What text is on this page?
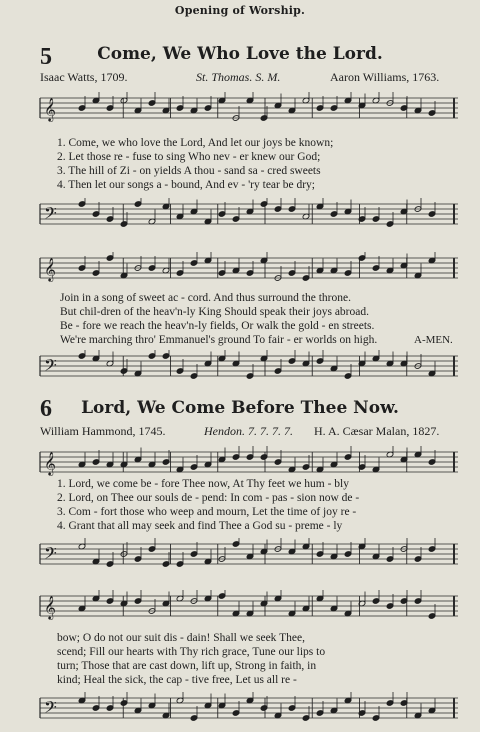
Opening of Worship.
5	Come, We Who Love the Lord.
Isaac Watts, 1709.	St. Thomas. S. M.	Aaron Williams, 1763.
𝄞
1. Come, we who love the Lord, And let our joys be known;
2. Let those re - fuse to sing Who nev - er knew our God;
3. The hill of Zi - on yields A thou - sand sa - cred sweets
4. Then let our songs a - bound, And ev - 'ry tear be dry;
𝄢
𝄞
Join in a song of sweet ac - cord. And thus surround the throne.
But chil-dren of the heav'n-ly King Should speak their joys abroad.
Be - fore we reach the heav'n-ly fields, Or walk the gold - en streets.
We're marching thro' Emmanuel's ground To fair - er worlds on high.	A-MEN.
𝄢
6	Lord, We Come Before Thee Now.
William Hammond, 1745.	Hendon. 7. 7. 7. 7. H. A. Cæsar Malan, 1827.
𝄞
1. Lord, we come be - fore Thee now, At Thy feet we hum - bly
2. Lord, on Thee our souls de - pend: In com - pas - sion now de -
3. Com - fort those who weep and mourn, Let the time of joy re -
4. Grant that all may seek and find Thee a God su - preme - ly
𝄢
𝄞
bow; O do not our suit dis - dain! Shall we seek Thee,
scend; Fill our hearts with Thy rich grace, Tune our lips to
turn; Those that are cast down, lift up, Strong in faith, in
kind; Heal the sick, the cap - tive free, Let us all re -
𝄢
